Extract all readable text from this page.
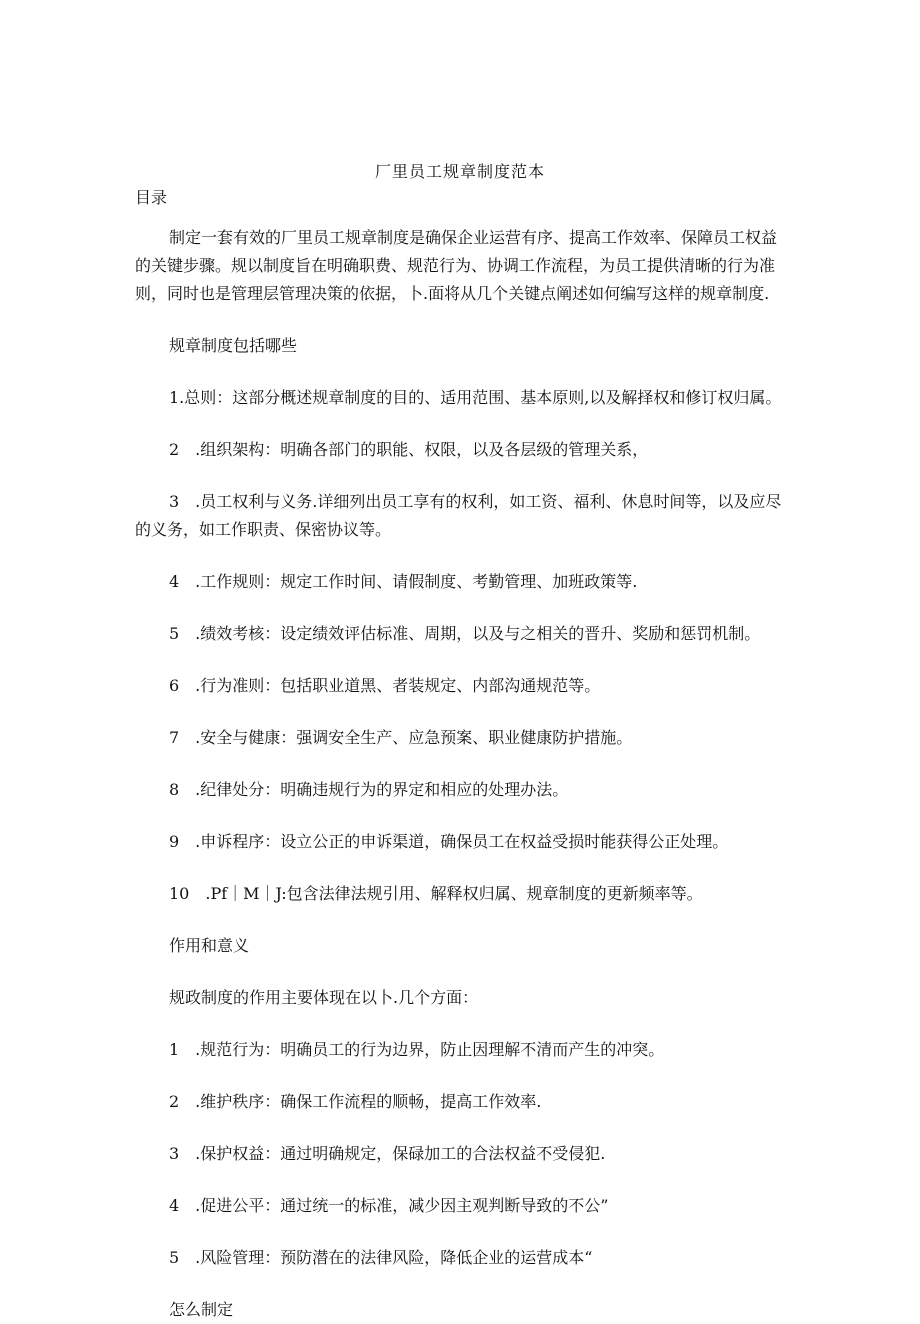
厂里员工规章制度范本
目录

制定一套有效的厂里员工规章制度是确保企业运营有序、提高工作效率、保障员工权益的关键步骤。规以制度旨在明确职费、规范行为、协调工作流程，为员工提供清晰的行为准则，同时也是管理层管理决策的依据，卜.面将从几个关键点阐述如何编写这样的规章制度.

规章制度包括哪些

1.总则：这部分概述规章制度的目的、适用范围、基本原则,以及解择权和修订权归属。

2　.组织架构：明确各部门的职能、权限，以及各层级的管理关系，

3　.员工权利与义务.详细列出员工享有的权利，如工资、福利、休息时间等，以及应尽的义务，如工作职责、保密协议等。

4　.工作规则：规定工作时间、请假制度、考勤管理、加班政策等.

5　.绩效考核：设定绩效评估标准、周期，以及与之相关的晋升、奖励和惩罚机制。

6　.行为准则：包括职业道黑、者装规定、内部沟通规范等。

7　.安全与健康：强调安全生产、应急预案、职业健康防护措施。

8　.纪律处分：明确违规行为的界定和相应的处理办法。

9　.申诉程序：设立公正的申诉渠道，确保员工在权益受损时能获得公正处理。

10　.Pf｜M｜J:包含法律法规引用、解释权归属、规章制度的更新频率等。

作用和意义

规政制度的作用主要体现在以卜.几个方面：

1　.规范行为：明确员工的行为边界，防止因理解不清而产生的冲突。

2　.维护秩序：确保工作流程的顺畅，提高工作效率.

3　.保护权益：通过明确规定，保碌加工的合法权益不受侵犯.

4　.促进公平：通过统一的标准，减少因主观判断导致的不公”

5　.风险管理：预防潜在的法律风险，降低企业的运营成本“

怎么制定
